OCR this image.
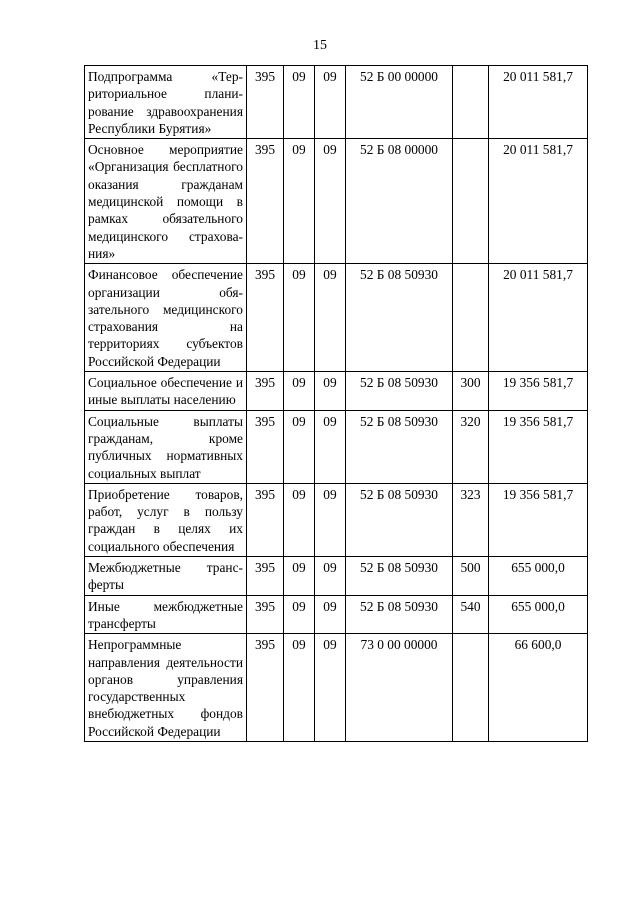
15
Подпрограмма «Территориальное планирование здравоохранения Республики Бурятия»	395	09	09	52 Б 00 00000		20 011 581,7
Основное мероприятие «Организация бесплатного оказания гражданам медицинской помощи в рамках обязательного медицинского страхования»	395	09	09	52 Б 08 00000		20 011 581,7
Финансовое обеспечение организации обязательного медицинского страхования на территориях субъектов Российской Федерации	395	09	09	52 Б 08 50930		20 011 581,7
Социальное обеспечение и иные выплаты населению	395	09	09	52 Б 08 50930	300	19 356 581,7
Социальные выплаты гражданам, кроме публичных нормативных социальных выплат	395	09	09	52 Б 08 50930	320	19 356 581,7
Приобретение товаров, работ, услуг в пользу граждан в целях их социального обеспечения	395	09	09	52 Б 08 50930	323	19 356 581,7
Межбюджетные трансферты	395	09	09	52 Б 08 50930	500	655 000,0
Иные межбюджетные трансферты	395	09	09	52 Б 08 50930	540	655 000,0
Непрограммные направления деятельности органов управления государственных внебюджетных фондов Российской Федерации	395	09	09	73 0 00 00000		66 600,0
